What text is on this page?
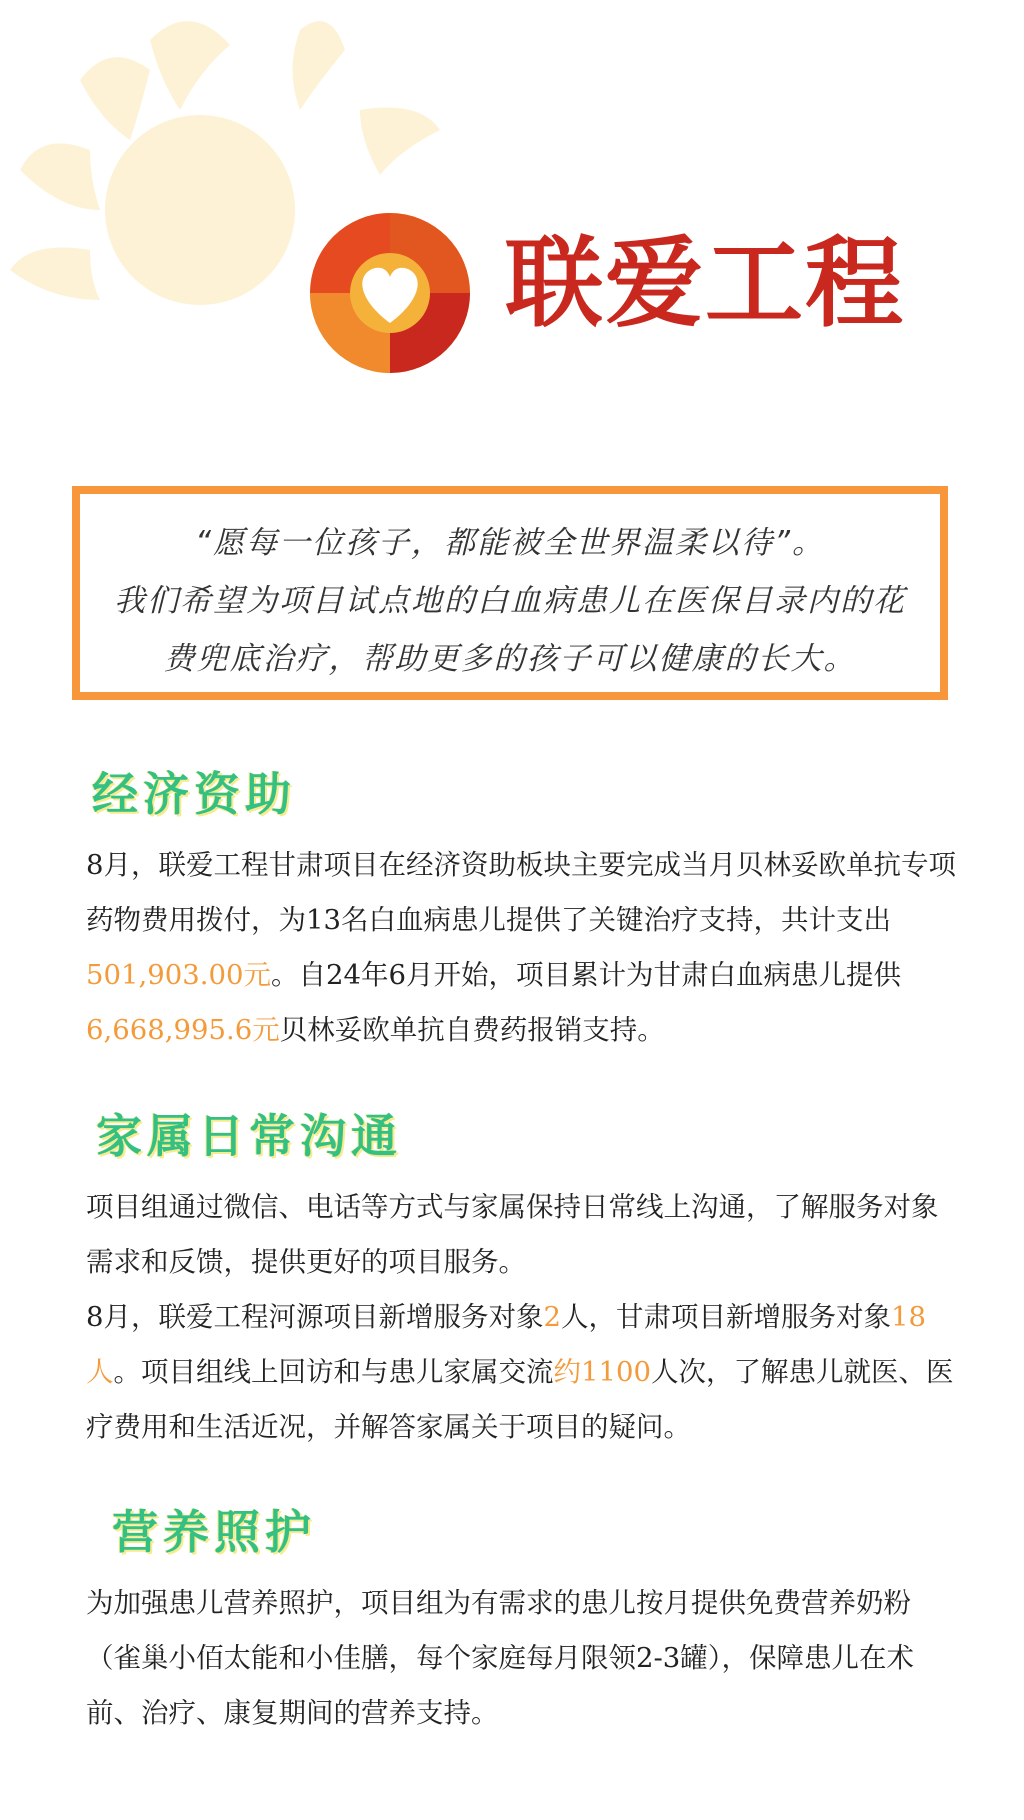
联爱工程
“愿每一位孩子，都能被全世界温柔以待”。
我们希望为项目试点地的白血病患儿在医保目录内的花
费兜底治疗，帮助更多的孩子可以健康的长大。
经济资助

8月，联爱工程甘肃项目在经济资助板块主要完成当月贝林妥欧单抗专项药物费用拨付，为13名白血病患儿提供了关键治疗支持，共计支出501,903.00元。自24年6月开始，项目累计为甘肃白血病患儿提供6,668,995.6元贝林妥欧单抗自费药报销支持。

家属日常沟通

项目组通过微信、电话等方式与家属保持日常线上沟通，了解服务对象需求和反馈，提供更好的项目服务。

8月，联爱工程河源项目新增服务对象2人，甘肃项目新增服务对象18人。项目组线上回访和与患儿家属交流约1100人次，了解患儿就医、医疗费用和生活近况，并解答家属关于项目的疑问。

营养照护

为加强患儿营养照护，项目组为有需求的患儿按月提供免费营养奶粉（雀巢小佰太能和小佳膳，每个家庭每月限领2-3罐），保障患儿在术前、治疗、康复期间的营养支持。
